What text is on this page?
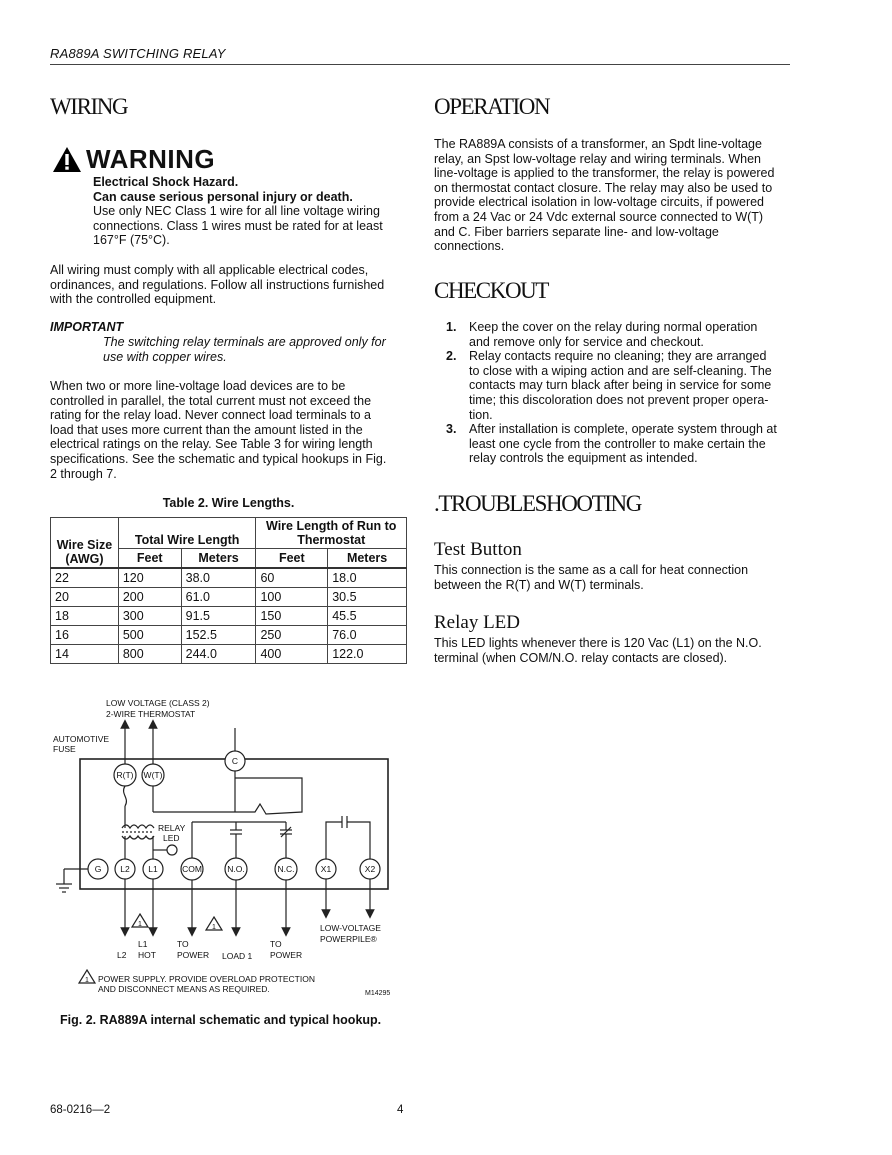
RA889A SWITCHING RELAY
WIRING
WARNING
Electrical Shock Hazard.
Can cause serious personal injury or death.
Use only NEC Class 1 wire for all line voltage wiring
connections. Class 1 wires must be rated for at least
167°F (75°C).
All wiring must comply with all applicable electrical codes,
ordinances, and regulations. Follow all instructions furnished
with the controlled equipment.
IMPORTANT
The switching relay terminals are approved only for
use with copper wires.
When two or more line-voltage load devices are to be
controlled in parallel, the total current must not exceed the
rating for the relay load. Never connect load terminals to a
load that uses more current than the amount listed in the
electrical ratings on the relay. See Table 3 for wiring length
specifications. See the schematic and typical hookups in Fig.
2 through 7.
Table 2. Wire Lengths.
Wire Size (AWG)	Total Wire Length		Wire Length of Run to Thermostat	
	Feet	Meters	Feet	Meters
22	120	38.0	60	18.0
20	200	61.0	100	30.5
18	300	91.5	150	45.5
16	500	152.5	250	76.0
14	800	244.0	400	122.0
C
R(T) W(T)
G L2 L1	COM	N.O.	N.C.	X1	X2
1	1
1
LOW VOLTAGE (CLASS 2)
2-WIRE THERMOSTAT
AUTOMOTIVE
FUSE
RELAY
LED
L1
L2 HOT
TO
POWER LOAD 1
TO
POWER
LOW-VOLTAGE
POWERPILE®
POWER SUPPLY. PROVIDE OVERLOAD PROTECTION
AND DISCONNECT MEANS AS REQUIRED.	M14295
Fig. 2. RA889A internal schematic and typical hookup.
OPERATION
The RA889A consists of a transformer, an Spdt line-voltage
relay, an Spst low-voltage relay and wiring terminals. When
line-voltage is applied to the transformer, the relay is powered
on thermostat contact closure. The relay may also be used to
provide electrical isolation in low-voltage circuits, if powered
from a 24 Vac or 24 Vdc external source connected to W(T)
and C. Fiber barriers separate line- and low-voltage
connections.
CHECKOUT
1. Keep the cover on the relay during normal operation
and remove only for service and checkout.
2. Relay contacts require no cleaning; they are arranged
to close with a wiping action and are self-cleaning. The
contacts may turn black after being in service for some
time; this discoloration does not prevent proper opera-
tion.
3. After installation is complete, operate system through at
least one cycle from the controller to make certain the
relay controls the equipment as intended.
.TROUBLESHOOTING
Test Button
This connection is the same as a call for heat connection
between the R(T) and W(T) terminals.
Relay LED
This LED lights whenever there is 120 Vac (L1) on the N.O.
terminal (when COM/N.O. relay contacts are closed).
68-0216—2	4
